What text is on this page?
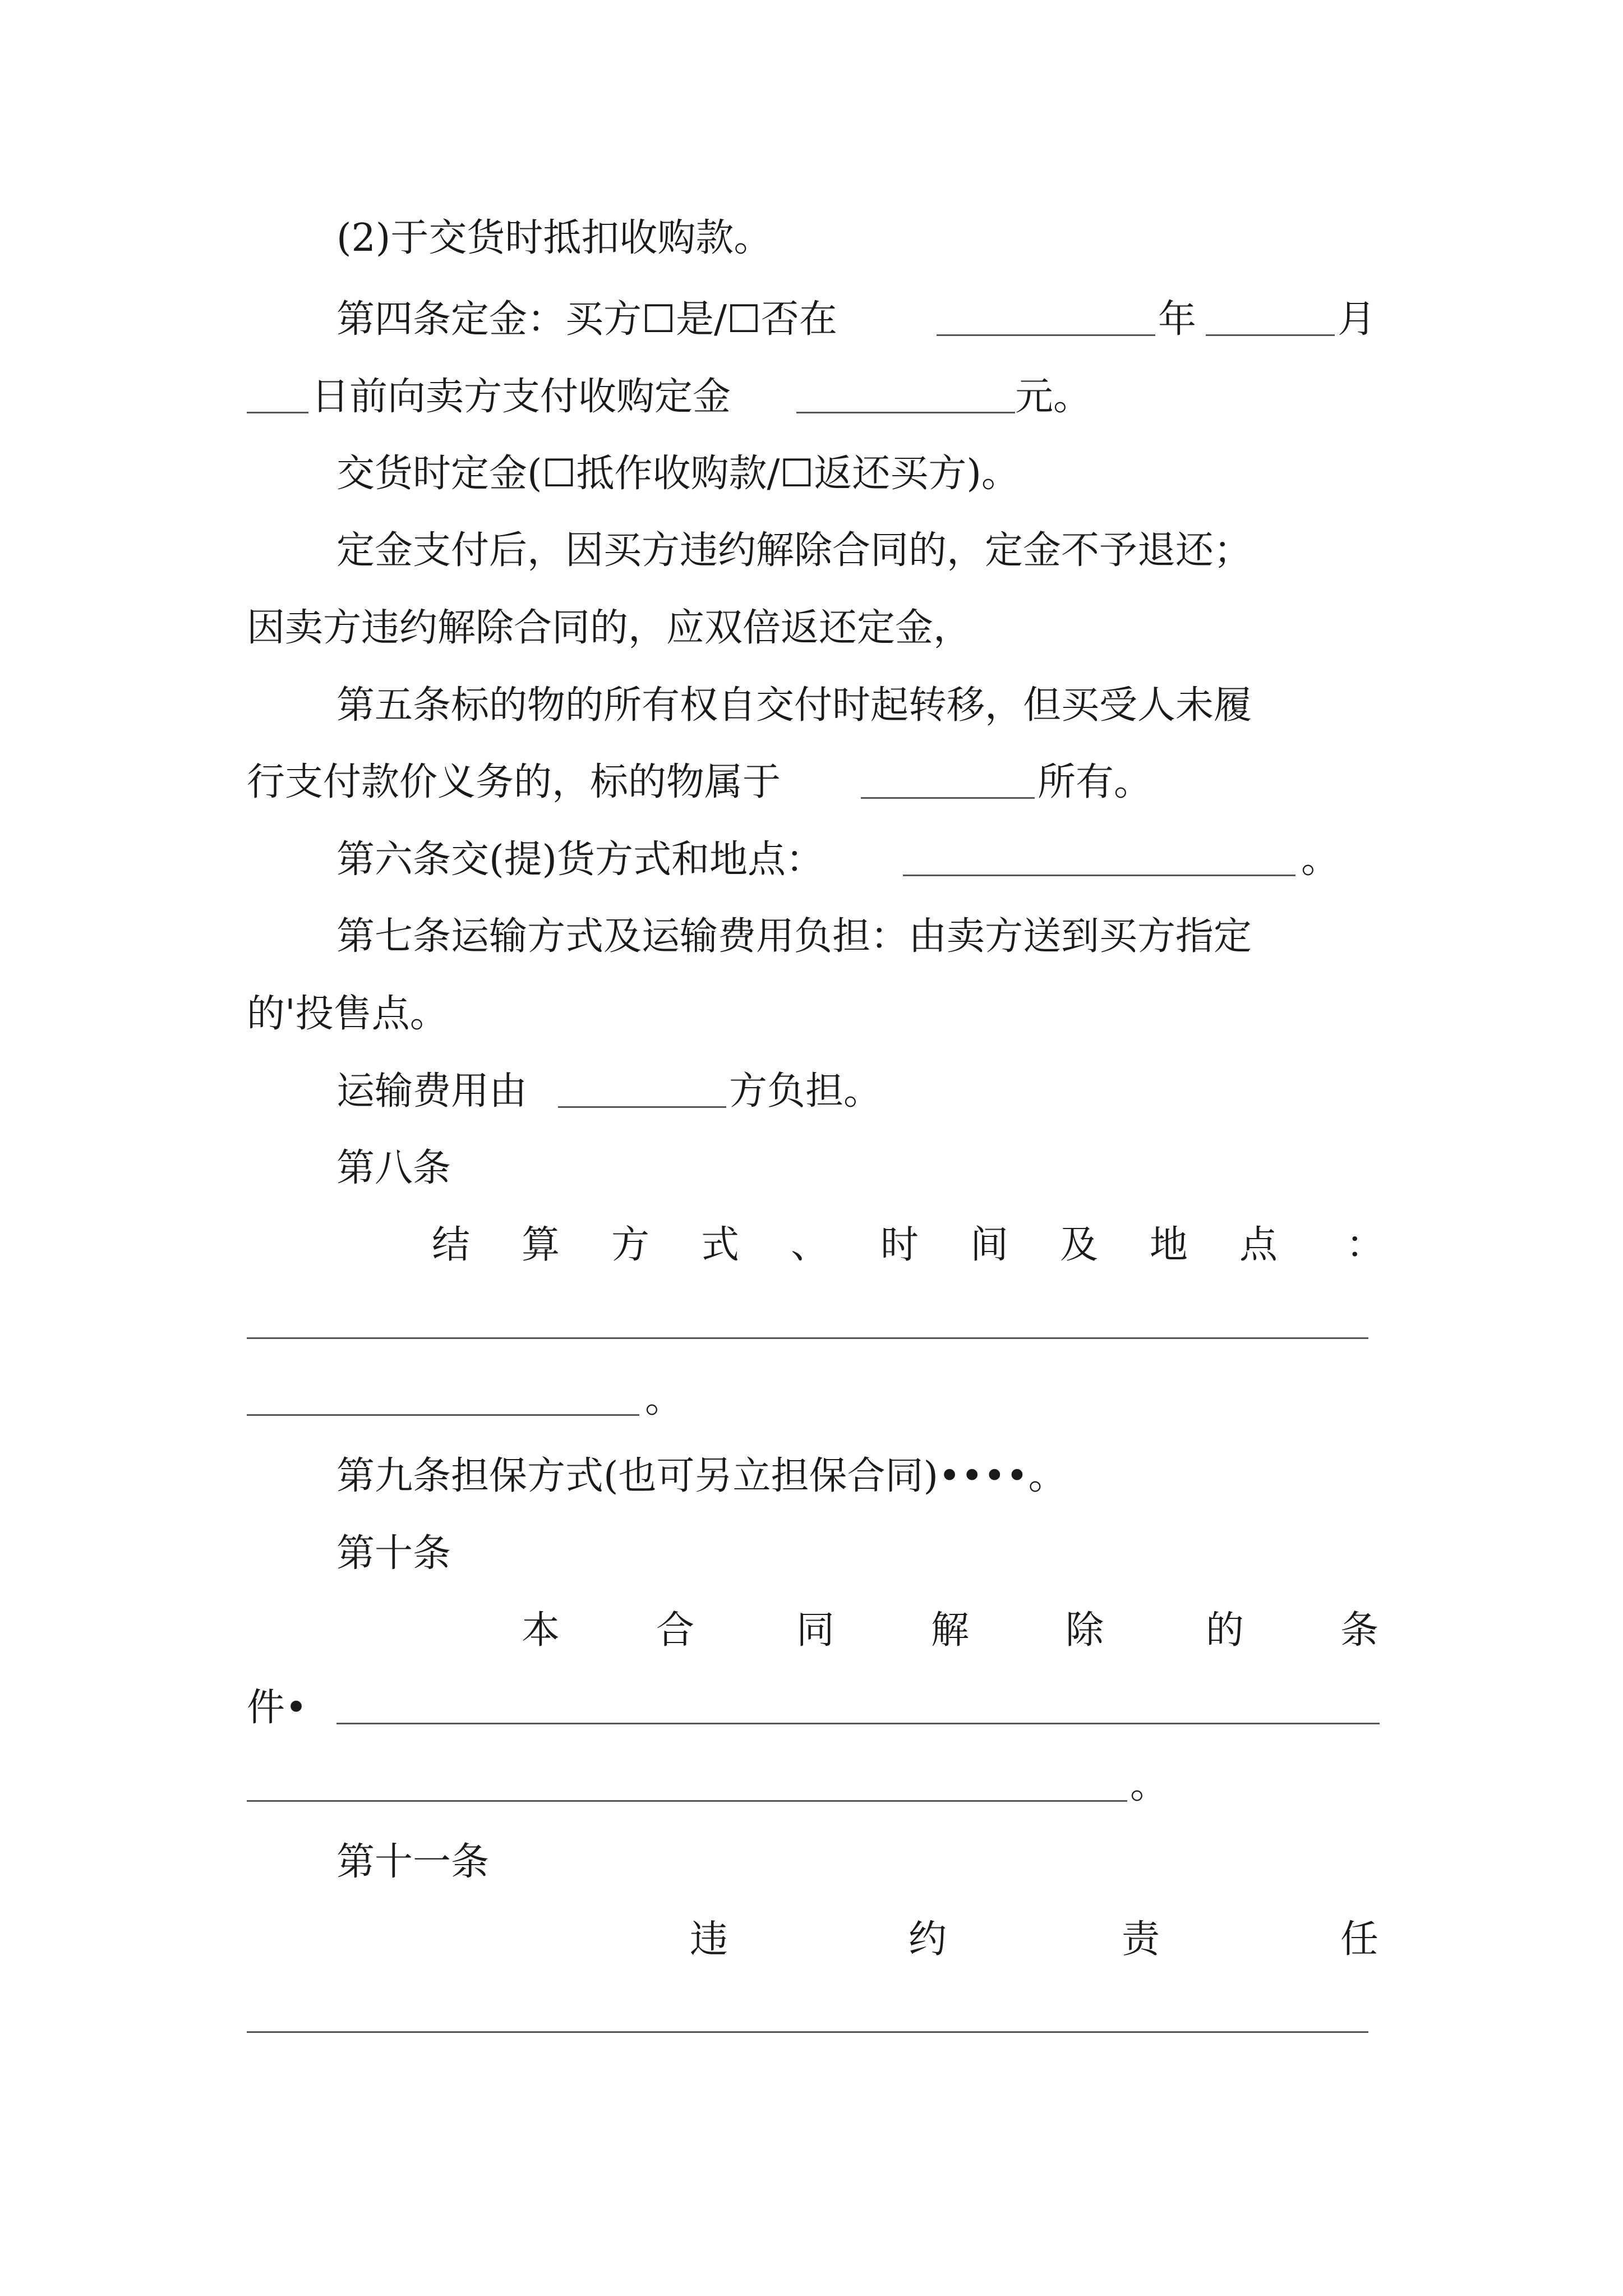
(2)于交货时抵扣收购款。
第四条定金：买方☐是/☐否在	年	月
日前向卖方支付收购定金	元。
交货时定金(☐抵作收购款/☐返还买方)。
定金支付后，因买方违约解除合同的，定金不予退还；
因卖方违约解除合同的，应双倍返还定金，
第五条标的物的所有权自交付时起转移，但买受人未履
行支付款价义务的，标的物属于	所有。
第六条交(提)货方式和地点：	。
第七条运输方式及运输费用负担：由卖方送到买方指定
的'投售点。
运输费用由	方负担。
第八条
结 算 方 式 、 时 间 及 地 点 ：
。
第九条担保方式(也可另立担保合同)••••。
第十条
本	合	同	解	除	的	条
件•
。
第十一条
违	约	责	任
